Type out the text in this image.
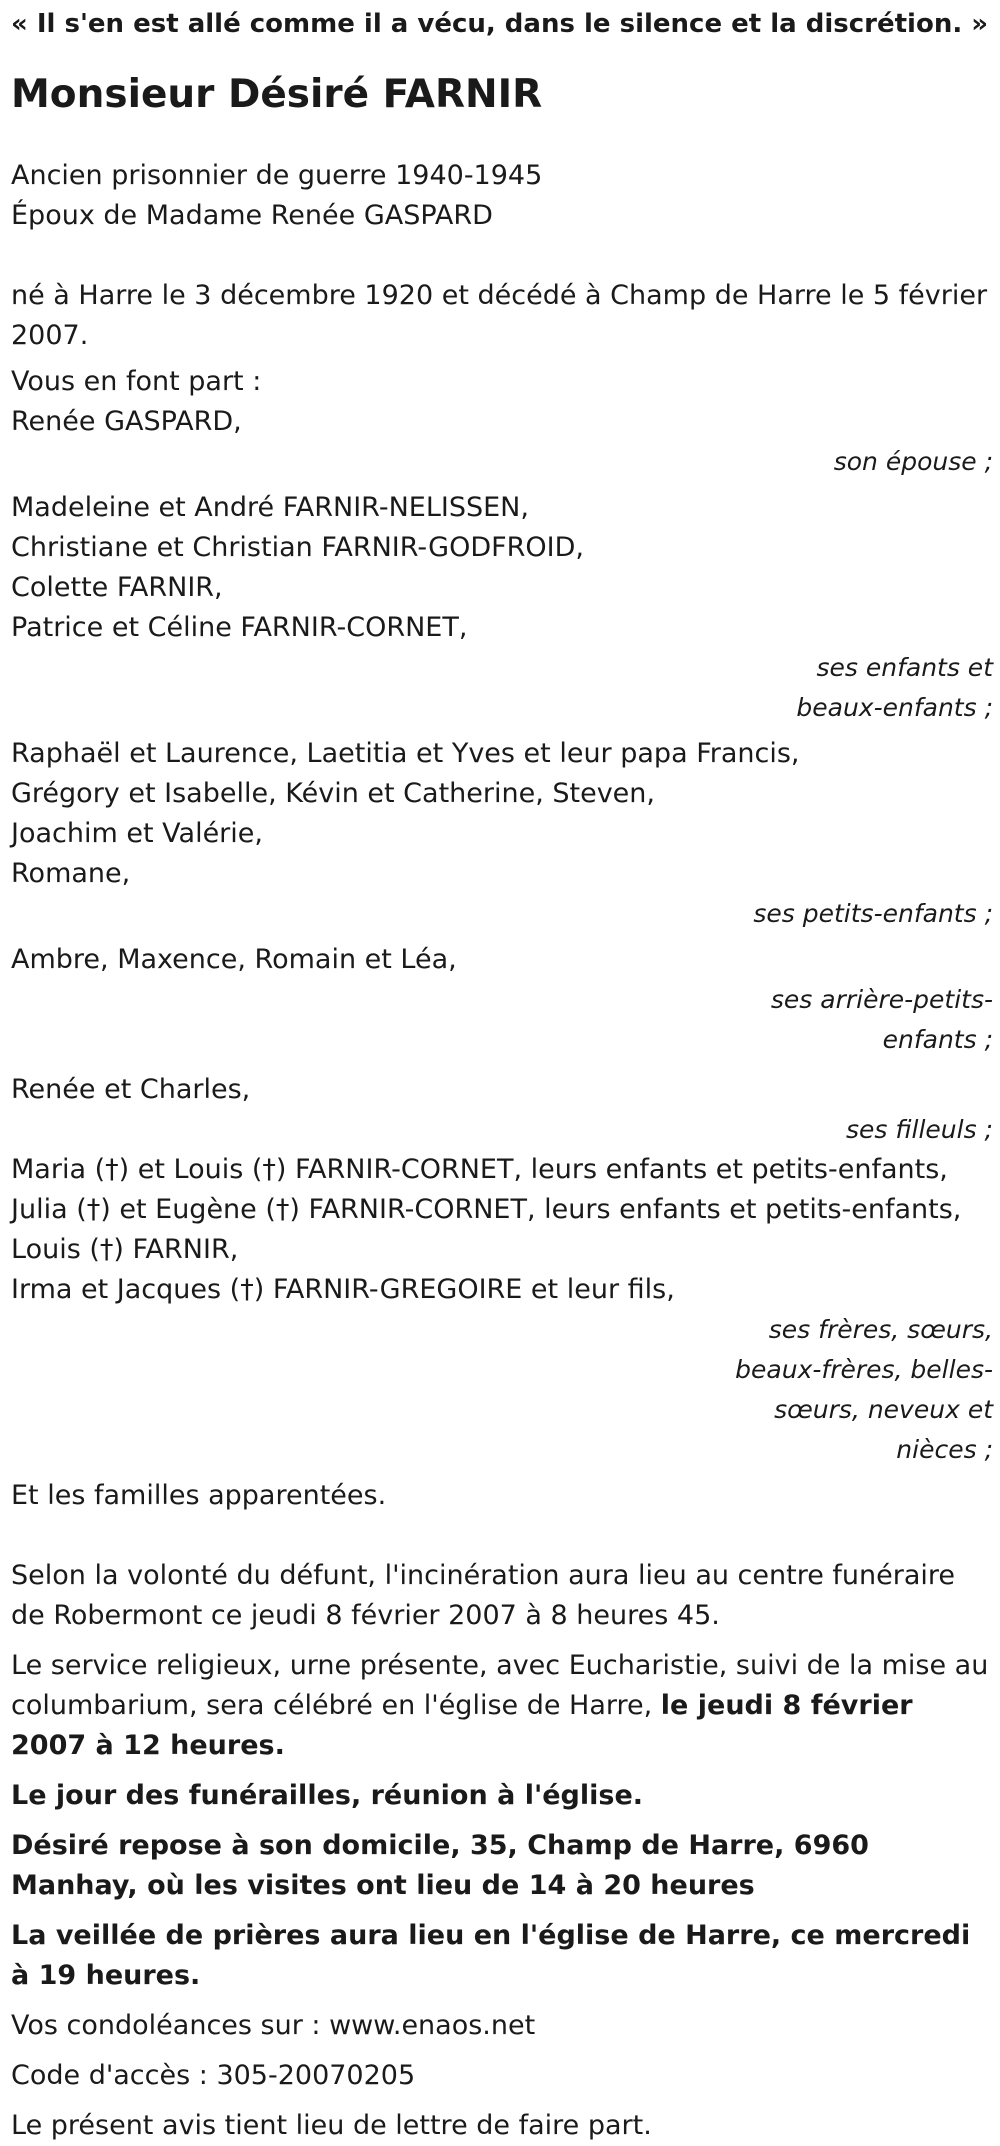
« Il s'en est allé comme il a vécu, dans le silence et la discrétion. »

Monsieur Désiré FARNIR

Ancien prisonnier de guerre 1940-1945

Époux de Madame Renée GASPARD

né à Harre le 3 décembre 1920 et décédé à Champ de Harre le 5 février 2007.

Vous en font part :

Renée GASPARD,

son épouse ;

Madeleine et André FARNIR-NELISSEN,

Christiane et Christian FARNIR-GODFROID,

Colette FARNIR,

Patrice et Céline FARNIR-CORNET,

ses enfants et beaux-enfants ;

Raphaël et Laurence, Laetitia et Yves et leur papa Francis,

Grégory et Isabelle, Kévin et Catherine, Steven,

Joachim et Valérie,

Romane,

ses petits-enfants ;

Ambre, Maxence, Romain et Léa,

ses arrière-petits-enfants ;

Renée et Charles,

ses filleuls ;

Maria (†) et Louis (†) FARNIR-CORNET, leurs enfants et petits-enfants,

Julia (†) et Eugène (†) FARNIR-CORNET, leurs enfants et petits-enfants,

Louis (†) FARNIR,

Irma et Jacques (†) FARNIR-GREGOIRE et leur fils,

ses frères, sœurs, beaux-frères, belles-sœurs, neveux et nièces ;

Et les familles apparentées.

Selon la volonté du défunt, l'incinération aura lieu au centre funéraire de Robermont ce jeudi 8 février 2007 à 8 heures 45.

Le service religieux, urne présente, avec Eucharistie, suivi de la mise au columbarium, sera célébré en l'église de Harre, le jeudi 8 février 2007 à 12 heures.

Le jour des funérailles, réunion à l'église.

Désiré repose à son domicile, 35, Champ de Harre, 6960 Manhay, où les visites ont lieu de 14 à 20 heures

La veillée de prières aura lieu en l'église de Harre, ce mercredi à 19 heures.

Vos condoléances sur : www.enaos.net

Code d'accès : 305-20070205

Le présent avis tient lieu de lettre de faire part.
